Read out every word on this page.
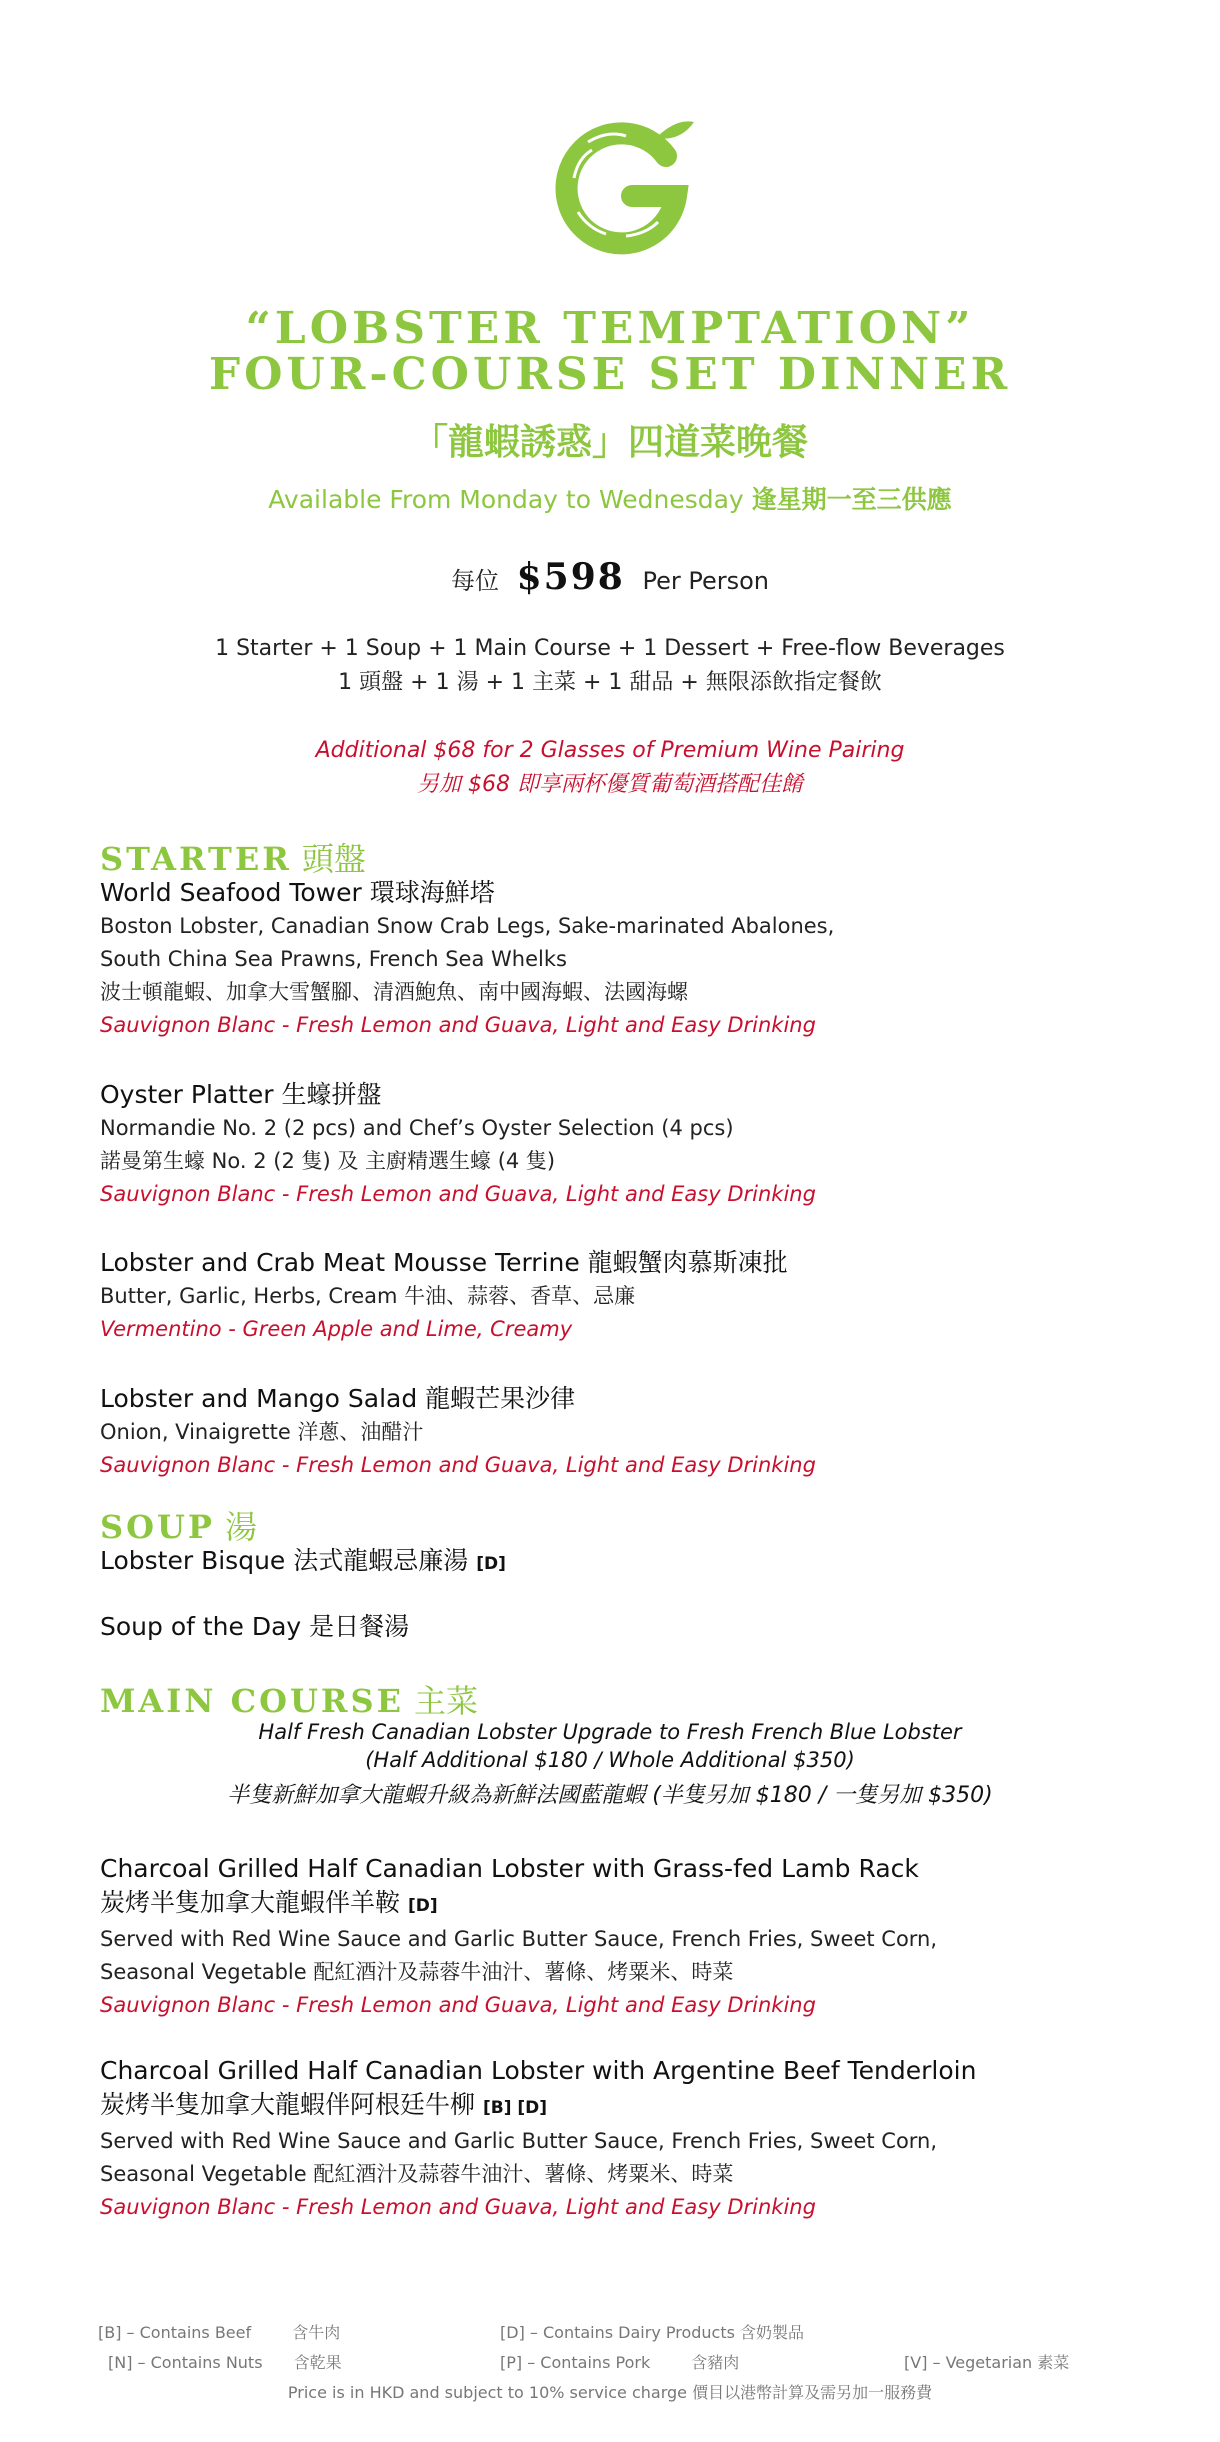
“LOBSTER TEMPTATION”
FOUR-COURSE SET DINNER
「龍蝦誘惑」四道菜晚餐
Available From Monday to Wednesday 逢星期一至三供應
每位 $598 Per Person
1 Starter + 1 Soup + 1 Main Course + 1 Dessert + Free-flow Beverages
1 頭盤 + 1 湯 + 1 主菜 + 1 甜品 + 無限添飲指定餐飲
Additional $68 for 2 Glasses of Premium Wine Pairing
另加 $68 即享兩杯優質葡萄酒搭配佳餚
STARTER 頭盤
World Seafood Tower 環球海鮮塔
Boston Lobster, Canadian Snow Crab Legs, Sake-marinated Abalones,
South China Sea Prawns, French Sea Whelks
波士頓龍蝦、加拿大雪蟹腳、清酒鮑魚、南中國海蝦、法國海螺
Sauvignon Blanc - Fresh Lemon and Guava, Light and Easy Drinking
Oyster Platter 生蠔拼盤
Normandie No. 2 (2 pcs) and Chef’s Oyster Selection (4 pcs)
諾曼第生蠔 No. 2 (2 隻) 及 主廚精選生蠔 (4 隻)
Sauvignon Blanc - Fresh Lemon and Guava, Light and Easy Drinking
Lobster and Crab Meat Mousse Terrine 龍蝦蟹肉慕斯凍批
Butter, Garlic, Herbs, Cream 牛油、蒜蓉、香草、忌廉
Vermentino - Green Apple and Lime, Creamy
Lobster and Mango Salad 龍蝦芒果沙律
Onion, Vinaigrette 洋蔥、油醋汁
Sauvignon Blanc - Fresh Lemon and Guava, Light and Easy Drinking
SOUP 湯
Lobster Bisque 法式龍蝦忌廉湯 [D]
Soup of the Day 是日餐湯
MAIN COURSE 主菜
Half Fresh Canadian Lobster Upgrade to Fresh French Blue Lobster
(Half Additional $180 / Whole Additional $350)
半隻新鮮加拿大龍蝦升級為新鮮法國藍龍蝦 (半隻另加 $180 / 一隻另加 $350)
Charcoal Grilled Half Canadian Lobster with Grass-fed Lamb Rack
炭烤半隻加拿大龍蝦伴羊鞍 [D]
Served with Red Wine Sauce and Garlic Butter Sauce, French Fries, Sweet Corn,
Seasonal Vegetable 配紅酒汁及蒜蓉牛油汁、薯條、烤粟米、時菜
Sauvignon Blanc - Fresh Lemon and Guava, Light and Easy Drinking
Charcoal Grilled Half Canadian Lobster with Argentine Beef Tenderloin
炭烤半隻加拿大龍蝦伴阿根廷牛柳 [B] [D]
Served with Red Wine Sauce and Garlic Butter Sauce, French Fries, Sweet Corn,
Seasonal Vegetable 配紅酒汁及蒜蓉牛油汁、薯條、烤粟米、時菜
Sauvignon Blanc - Fresh Lemon and Guava, Light and Easy Drinking
[B] – Contains Beef	含牛肉	[D] – Contains Dairy Products 含奶製品
[N] – Contains Nuts 含乾果	[P] – Contains Pork	含豬肉	[V] – Vegetarian 素菜
Price is in HKD and subject to 10% service charge 價目以港幣計算及需另加一服務費
